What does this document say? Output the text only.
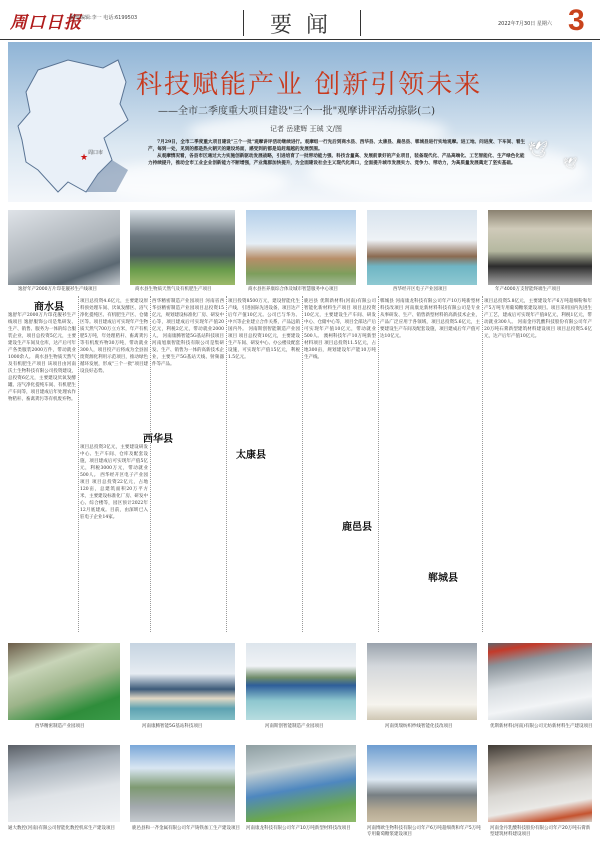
周口日报
値班编辑:李一 电话:6199503	要闻	2022年7月30日 星期六 3
周口市
★
科技赋能产业 创新引领未来
——全市二季度重大项目建设"三个一批"观摩讲评活动掠影(二)
记者 岳建辉 王珹 文/图

7月29日，全市二季度重大项目建设"三个一批"观摩讲评活动继续进行。观摩组一行先后到商水县、西华县、太康县、鹿邑县、郸城县进行实地观摩。进工地、问进度、下车间、看生产，每到一处，见到的都是热火朝天的建设场面，感受到的都是追赶超越的发展氛围。

从观摩情况看，各县市区通过大力实施创新驱动发展战略，引进培育了一批带动能力强、科技含量高、发展前景好的产业项目，装备现代化、产品高端化、工艺智能化、生产绿色化能力持续提升，推动全市工业企业创新能力不断增强，产业集群加快提升，为全面建设社会主义现代化周口，全面提升城市发展实力、竞争力、带动力，为高质量发展奠定了坚实基础。

🕊
🕊
逸舒年产2000万片印花靓衫生产线项目	商水县生物质天然气及有机肥生产项目	商水县医养康综合体及城市智慧服务中心项目	西华经开区电子产业园项目	年产4000万支智能终端生产项目
商水县
西华县
太康县
鹿邑县
郸城县
逸舒年产2000万片印花靓衫生产线项目 逸舒服饰公司是集研发、生产、销售、服务为一体的综合服装企业，项目总投资5亿元，主要建设生产车间及仓库，达产后可年产各类服装2000万件，带动就业1000余人。 商水县生物质天然气及有机肥生产项目 该项目由河南沃土生物科技有限公司投资建设，总投资6亿元，主要建设厌氧发酵罐、沼气净化提纯车间、有机肥生产车间等，项目建成后年处理农作物秸秆、畜禽粪污等有机废弃物。
项目总投资4.6亿元，主要建设原料预处理车间、厌氧发酵区、沼气净化提纯区、有机肥生产区、仓储区等。项目建成后可实现年产生物质天然气700万立方米，年产有机肥5万吨，年处理秸秆、畜禽粪污等有机废弃物30万吨，带动就业300人，项目投产后将成为全县固废资源化利用示范项目，推动绿色循环发展，形成"三个一批"项目建设良好态势。
项目总投资3亿元，主要建设研发中心、生产车间、仓库及配套设施，项目建成后可实现年产值5亿元，利税3000万元，带动就业500人。 西华经开区电子产业园项目 项目总投资22亿元，占地120亩，总建筑面积20万平方米，主要建设标准化厂房、研发中心、综合楼等，园区预计2022年12月底建成。目前，由深圳已入驻电子企业14家。
西华精密制造产业园项目 河南省西华县精密制造产业园项目总投资15亿元，规划建设标准化厂房、研发中心等，项目建成后可实现年产值20亿元，利税2亿元，带动就业2000人。 河南康腾智能5G基站科技项目 河南旭康智能科技有限公司是集研发、生产、销售为一体的高新技术企业，主要生产5G基站天线、射频器件等产品。
项目投资8500万元，建设智能化生产线，引进国际先进设备，项目达产后年产值10亿元。公司已与华为、中兴等企业建立合作关系，产品远销国内外。 河南斯创智能制造产业园项目 项目总投资10亿元，主要建设生产车间、研发中心、办公楼及配套设施，可实现年产值15亿元，利税1.5亿元。
鹿邑县 优斯新材料(河南)有限公司智能化新材料生产项目 项目总投资10亿元，主要建设生产车间、研发中心、仓储中心等，项目全部达产后可实现年产值10亿元，带动就业500人。 澳柯科技年产10万吨新型材料项目 项目总投资11.5亿元，占地300亩，规划建设年产能10万吨生产线。
郸城县 河南康龙科技有限公司年产10万吨新型材料技改项目 河南康龙新材料科技有限公司是专业从事研发、生产、销售新型材料的高新技术企业，产品广泛应用于各领域，项目总投资5.6亿元，主要建设生产车间及配套设施，项目建成后年产值可达10亿元。
项目总投资5.8亿元，主要建设年产6万吨超细粉和年产5万吨专用葡萄糖浆建设项目。项目采用国内先进生产工艺，建成后可实现年产值8亿元，利税1亿元，带动就业300人。 河南金丹乳酸科技股份有限公司年产20万吨石膏新型建筑材料建设项目 项目总投资5.6亿元，达产后年产值10亿元。
西华精密制造产业园项目	河南康腾智能5G基站科技项目	河南斯创智能制造产业园项目	河南奥瑞纺织纱线智能化技改项目	优斯新材料(河南)有限公司无纺新材料生产建设项目
通大数控(河南)有限公司智能化数控机床生产建设项目	鹿邑县和一齐金属有限公司年产铸铁加工生产建设项目	河南康龙科技有限公司年产10万吨新型材料技改项目	河南博欧生物科技有限公司年产6万吨超细黄和年产5万吨专用葡萄糖浆建设项目
河南金丹乳酸科技股份有限公司年产20万吨石膏新型建筑材料建设项目
